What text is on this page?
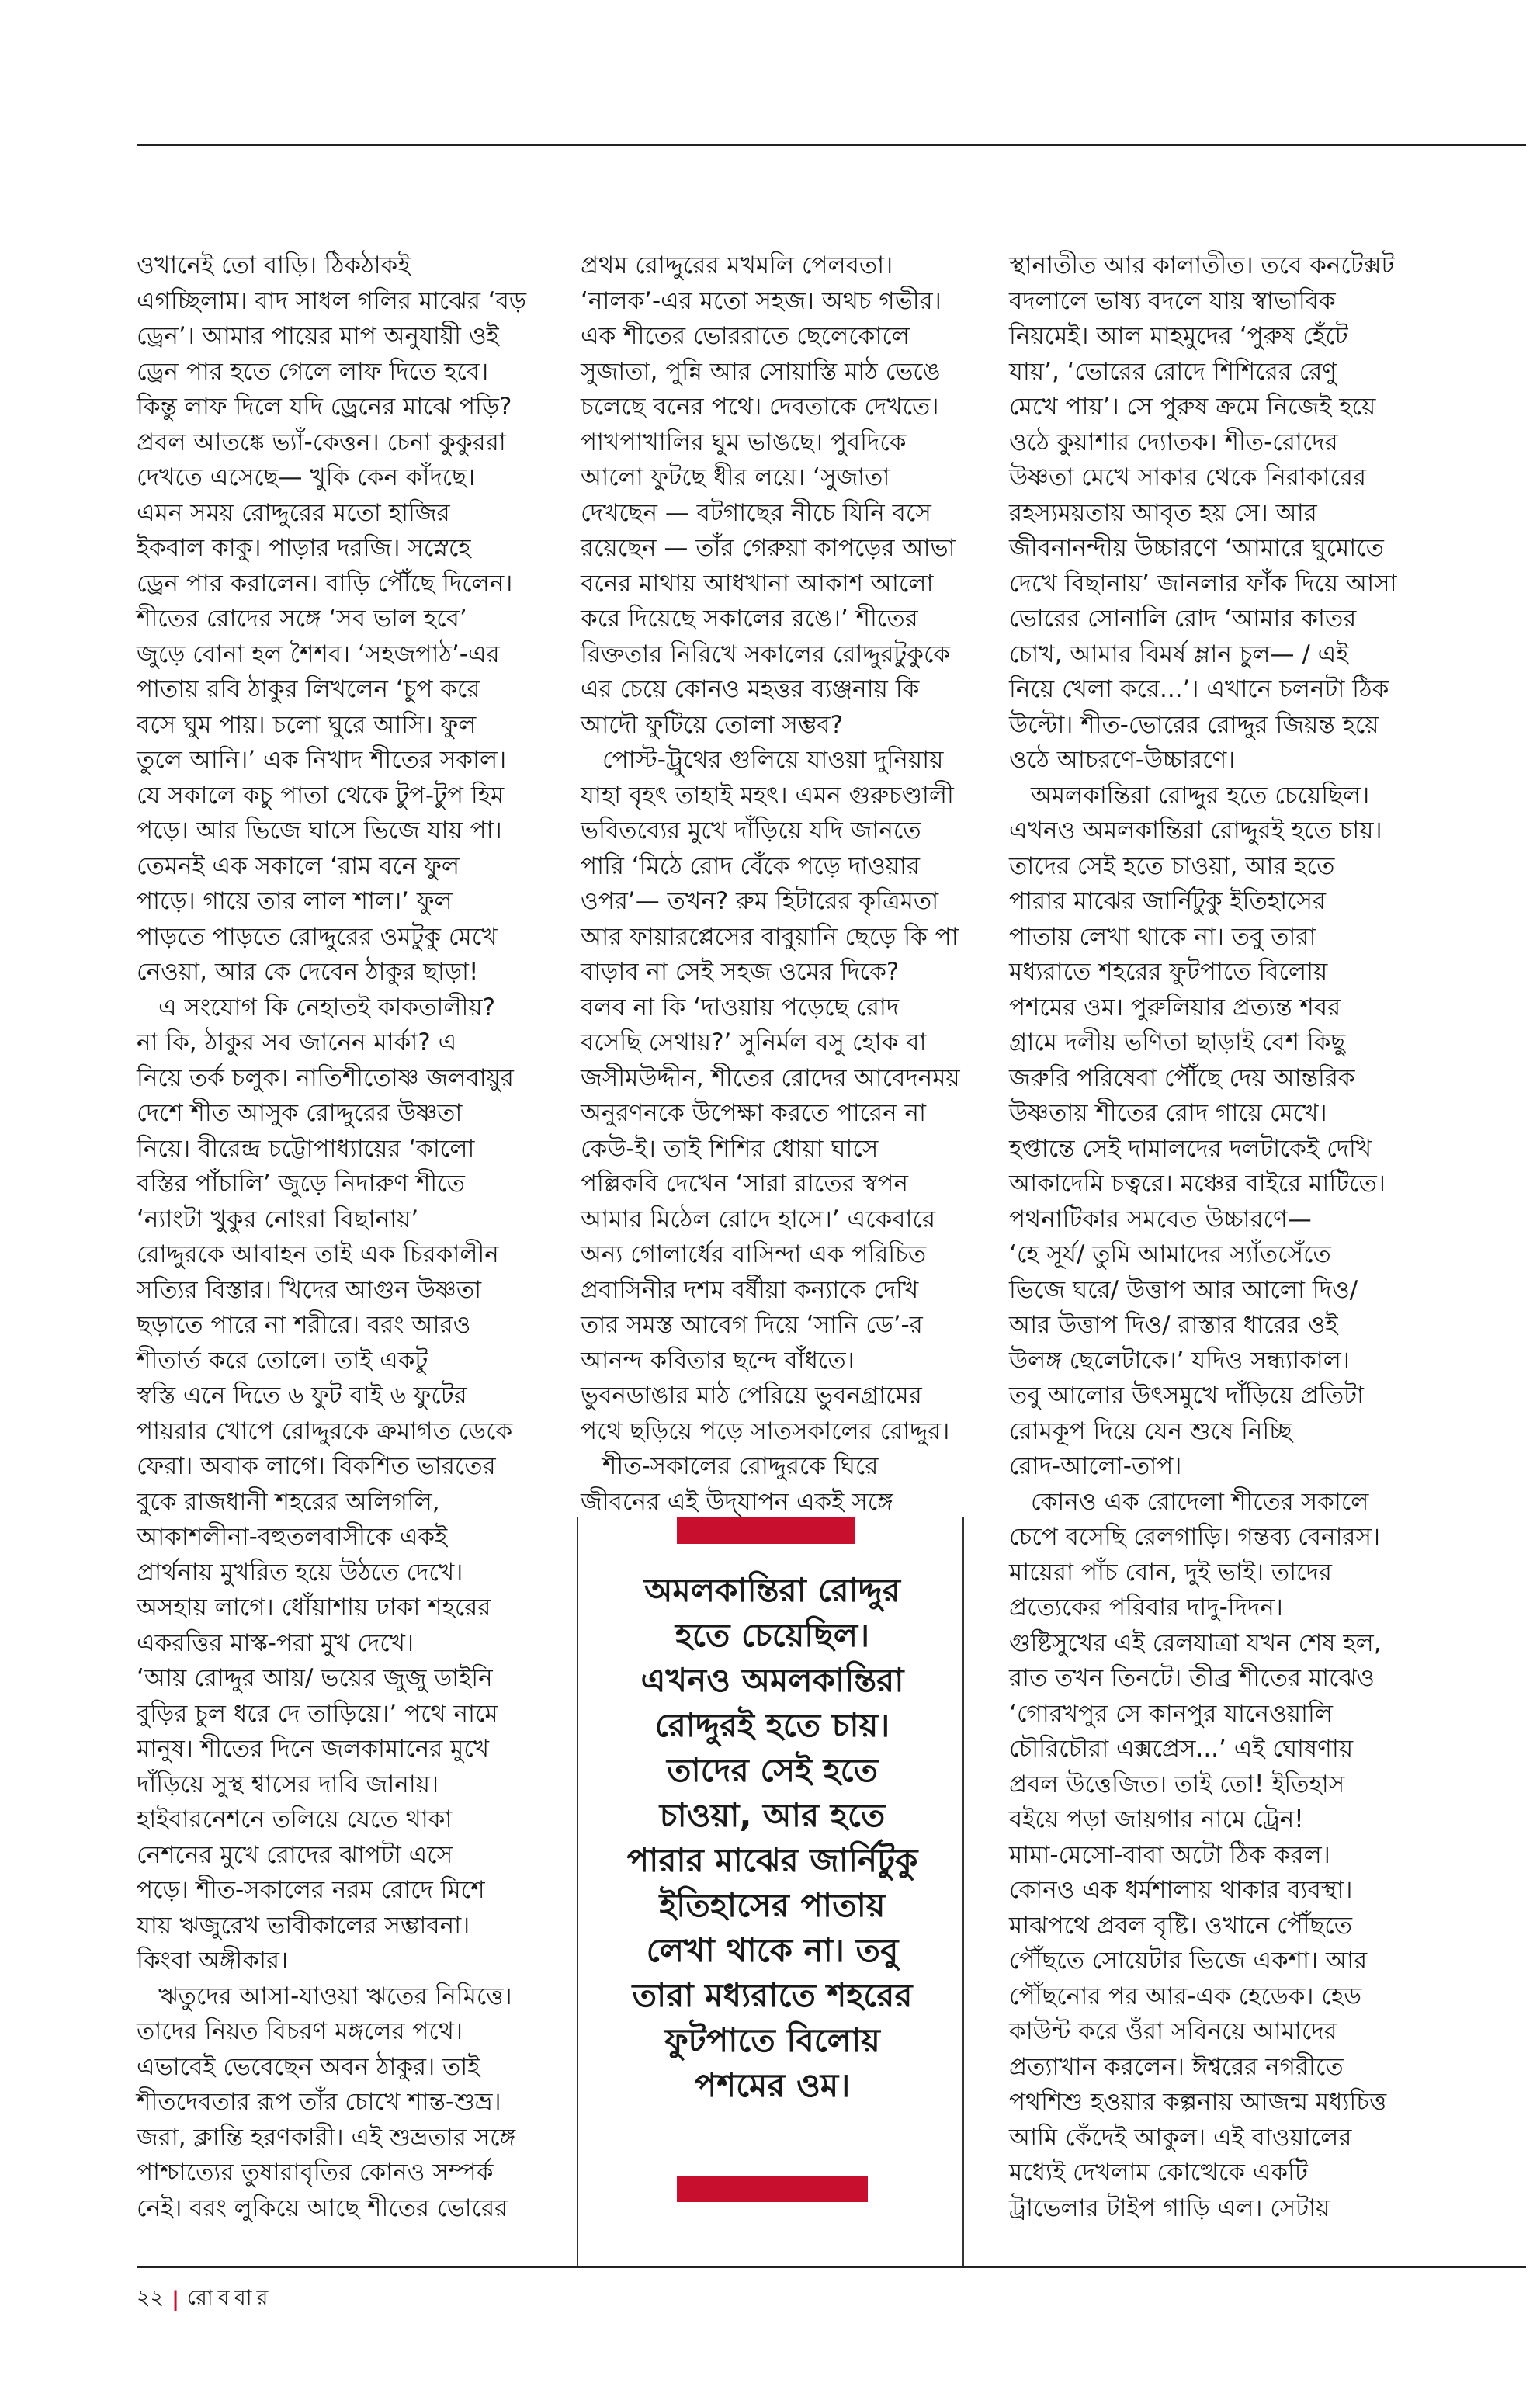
ওখানেই তো বাড়ি। ঠিকঠাকই
এগচ্ছিলাম। বাদ সাধল গলির মাঝের ‘বড়
ড্রেন’। আমার পায়ের মাপ অনুযায়ী ওই
ড্রেন পার হতে গেলে লাফ দিতে হবে।
কিন্তু লাফ দিলে যদি ড্রেনের মাঝে পড়ি?
প্রবল আতঙ্কে ভ্যাঁ-কেত্তন। চেনা কুকুররা
দেখতে এসেছে— খুকি কেন কাঁদছে।
এমন সময় রোদ্দুরের মতো হাজির
ইকবাল কাকু। পাড়ার দরজি। সস্নেহে
ড্রেন পার করালেন। বাড়ি পৌঁছে দিলেন।
শীতের রোদের সঙ্গে ‘সব ভাল হবে’
জুড়ে বোনা হল শৈশব। ‘সহজপাঠ’-এর
পাতায় রবি ঠাকুর লিখলেন ‘চুপ করে
বসে ঘুম পায়। চলো ঘুরে আসি। ফুল
তুলে আনি।’ এক নিখাদ শীতের সকাল।
যে সকালে কচু পাতা থেকে টুপ-টুপ হিম
পড়ে। আর ভিজে ঘাসে ভিজে যায় পা।
তেমনই এক সকালে ‘রাম বনে ফুল
পাড়ে। গায়ে তার লাল শাল।’ ফুল
পাড়তে পাড়তে রোদ্দুরের ওমটুকু মেখে
নেওয়া, আর কে দেবেন ঠাকুর ছাড়া!
এ সংযোগ কি নেহাতই কাকতালীয়?
না কি, ঠাকুর সব জানেন মার্কা? এ
নিয়ে তর্ক চলুক। নাতিশীতোষ্ণ জলবায়ুর
দেশে শীত আসুক রোদ্দুরের উষ্ণতা
নিয়ে। বীরেন্দ্র চট্টোপাধ্যায়ের ‘কালো
বস্তির পাঁচালি’ জুড়ে নিদারুণ শীতে
‘ন্যাংটা খুকুর নোংরা বিছানায়’
রোদ্দুরকে আবাহন তাই এক চিরকালীন
সত্যির বিস্তার। খিদের আগুন উষ্ণতা
ছড়াতে পারে না শরীরে। বরং আরও
শীতার্ত করে তোলে। তাই একটু
স্বস্তি এনে দিতে ৬ ফুট বাই ৬ ফুটের
পায়রার খোপে রোদ্দুরকে ক্রমাগত ডেকে
ফেরা। অবাক লাগে। বিকশিত ভারতের
বুকে রাজধানী শহরের অলিগলি,
আকাশলীনা-বহুতলবাসীকে একই
প্রার্থনায় মুখরিত হয়ে উঠতে দেখে।
অসহায় লাগে। ধোঁয়াশায় ঢাকা শহরের
একরত্তির মাস্ক-পরা মুখ দেখে।
‘আয় রোদ্দুর আয়/ ভয়ের জুজু ডাইনি
বুড়ির চুল ধরে দে তাড়িয়ে।’ পথে নামে
মানুষ। শীতের দিনে জলকামানের মুখে
দাঁড়িয়ে সুস্থ শ্বাসের দাবি জানায়।
হাইবারনেশনে তলিয়ে যেতে থাকা
নেশনের মুখে রোদের ঝাপটা এসে
পড়ে। শীত-সকালের নরম রোদে মিশে
যায় ঋজুরেখ ভাবীকালের সম্ভাবনা।
কিংবা অঙ্গীকার।
ঋতুদের আসা-যাওয়া ঋতের নিমিত্তে।
তাদের নিয়ত বিচরণ মঙ্গলের পথে।
এভাবেই ভেবেছেন অবন ঠাকুর। তাই
শীতদেবতার রূপ তাঁর চোখে শান্ত-শুভ্র।
জরা, ক্লান্তি হরণকারী। এই শুভ্রতার সঙ্গে
পাশ্চাত্যের তুষারাবৃতির কোনও সম্পর্ক
নেই। বরং লুকিয়ে আছে শীতের ভোরের
প্রথম রোদ্দুরের মখমলি পেলবতা।
‘নালক’-এর মতো সহজ। অথচ গভীর।
এক শীতের ভোররাতে ছেলেকোলে
সুজাতা, পুন্নি আর সোয়াস্তি মাঠ ভেঙে
চলেছে বনের পথে। দেবতাকে দেখতে।
পাখপাখালির ঘুম ভাঙছে। পুবদিকে
আলো ফুটছে ধীর লয়ে। ‘সুজাতা
দেখছেন — বটগাছের নীচে যিনি বসে
রয়েছেন — তাঁর গেরুয়া কাপড়ের আভা
বনের মাথায় আধখানা আকাশ আলো
করে দিয়েছে সকালের রঙে।’ শীতের
রিক্ততার নিরিখে সকালের রোদ্দুরটুকুকে
এর চেয়ে কোনও মহত্তর ব্যঞ্জনায় কি
আদৌ ফুটিয়ে তোলা সম্ভব?
পোস্ট-ট্রুথের গুলিয়ে যাওয়া দুনিয়ায়
যাহা বৃহৎ তাহাই মহৎ। এমন গুরুচণ্ডালী
ভবিতব্যের মুখে দাঁড়িয়ে যদি জানতে
পারি ‘মিঠে রোদ বেঁকে পড়ে দাওয়ার
ওপর’— তখন? রুম হিটারের কৃত্রিমতা
আর ফায়ারপ্লেসের বাবুয়ানি ছেড়ে কি পা
বাড়াব না সেই সহজ ওমের দিকে?
বলব না কি ‘দাওয়ায় পড়েছে রোদ
বসেছি সেথায়?’ সুনির্মল বসু হোক বা
জসীমউদ্দীন, শীতের রোদের আবেদনময়
অনুরণনকে উপেক্ষা করতে পারেন না
কেউ-ই। তাই শিশির ধোয়া ঘাসে
পল্লিকবি দেখেন ‘সারা রাতের স্বপন
আমার মিঠেল রোদে হাসে।’ একেবারে
অন্য গোলার্ধের বাসিন্দা এক পরিচিত
প্রবাসিনীর দশম বর্ষীয়া কন্যাকে দেখি
তার সমস্ত আবেগ দিয়ে ‘সানি ডে’-র
আনন্দ কবিতার ছন্দে বাঁধতে।
ভুবনডাঙার মাঠ পেরিয়ে ভুবনগ্রামের
পথে ছড়িয়ে পড়ে সাতসকালের রোদ্দুর।
শীত-সকালের রোদ্দুরকে ঘিরে
জীবনের এই উদ্‌যাপন একই সঙ্গে
স্থানাতীত আর কালাতীত। তবে কনটেক্সট
বদলালে ভাষ্য বদলে যায় স্বাভাবিক
নিয়মেই। আল মাহমুদের ‘পুরুষ হেঁটে
যায়’, ‘ভোরের রোদে শিশিরের রেণু
মেখে পায়’। সে পুরুষ ক্রমে নিজেই হয়ে
ওঠে কুয়াশার দ্যোতক। শীত-রোদের
উষ্ণতা মেখে সাকার থেকে নিরাকারের
রহস্যময়তায় আবৃত হয় সে। আর
জীবনানন্দীয় উচ্চারণে ‘আমারে ঘুমোতে
দেখে বিছানায়’ জানলার ফাঁক দিয়ে আসা
ভোরের সোনালি রোদ ‘আমার কাতর
চোখ, আমার বিমর্ষ ম্লান চুল— / এই
নিয়ে খেলা করে...’। এখানে চলনটা ঠিক
উল্টো। শীত-ভোরের রোদ্দুর জিয়ন্ত হয়ে
ওঠে আচরণে-উচ্চারণে।
অমলকান্তিরা রোদ্দুর হতে চেয়েছিল।
এখনও অমলকান্তিরা রোদ্দুরই হতে চায়।
তাদের সেই হতে চাওয়া, আর হতে
পারার মাঝের জার্নিটুকু ইতিহাসের
পাতায় লেখা থাকে না। তবু তারা
মধ্যরাতে শহরের ফুটপাতে বিলোয়
পশমের ওম। পুরুলিয়ার প্রত্যন্ত শবর
গ্রামে দলীয় ভণিতা ছাড়াই বেশ কিছু
জরুরি পরিষেবা পৌঁছে দেয় আন্তরিক
উষ্ণতায় শীতের রোদ গায়ে মেখে।
হপ্তান্তে সেই দামালদের দলটাকেই দেখি
আকাদেমি চত্বরে। মঞ্চের বাইরে মাটিতে।
পথনাটিকার সমবেত উচ্চারণে—
‘হে সূর্য/ তুমি আমাদের স্যাঁতসেঁতে
ভিজে ঘরে/ উত্তাপ আর আলো দিও/
আর উত্তাপ দিও/ রাস্তার ধারের ওই
উলঙ্গ ছেলেটাকে।’ যদিও সন্ধ্যাকাল।
তবু আলোর উৎসমুখে দাঁড়িয়ে প্রতিটা
রোমকূপ দিয়ে যেন শুষে নিচ্ছি
রোদ-আলো-তাপ।
কোনও এক রোদেলা শীতের সকালে
চেপে বসেছি রেলগাড়ি। গন্তব্য বেনারস।
মায়েরা পাঁচ বোন, দুই ভাই। তাদের
প্রত্যেকের পরিবার দাদু-দিদন।
গুষ্টিসুখের এই রেলযাত্রা যখন শেষ হল,
রাত তখন তিনটে। তীব্র শীতের মাঝেও
‘গোরখপুর সে কানপুর যানেওয়ালি
চৌরিচৌরা এক্সপ্রেস...’ এই ঘোষণায়
প্রবল উত্তেজিত। তাই তো! ইতিহাস
বইয়ে পড়া জায়গার নামে ট্রেন!
মামা-মেসো-বাবা অটো ঠিক করল।
কোনও এক ধর্মশালায় থাকার ব্যবস্থা।
মাঝপথে প্রবল বৃষ্টি। ওখানে পৌঁছতে
পৌঁছতে সোয়েটার ভিজে একশা। আর
পৌঁছনোর পর আর-এক হেডেক। হেড
কাউন্ট করে ওঁরা সবিনয়ে আমাদের
প্রত্যাখান করলেন। ঈশ্বরের নগরীতে
পথশিশু হওয়ার কল্পনায় আজন্ম মধ্যচিত্ত
আমি কেঁদেই আকুল। এই বাওয়ালের
মধ্যেই দেখলাম কোত্থেকে একটি
ট্রাভেলার টাইপ গাড়ি এল। সেটায়
অমলকান্তিরা রোদ্দুর
হতে চেয়েছিল।
এখনও অমলকান্তিরা
রোদ্দুরই হতে চায়।
তাদের সেই হতে
চাওয়া, আর হতে
পারার মাঝের জার্নিটুকু
ইতিহাসের পাতায়
লেখা থাকে না। তবু
তারা মধ্যরাতে শহরের
ফুটপাতে বিলোয়
পশমের ওম।
২২ | রোববার
